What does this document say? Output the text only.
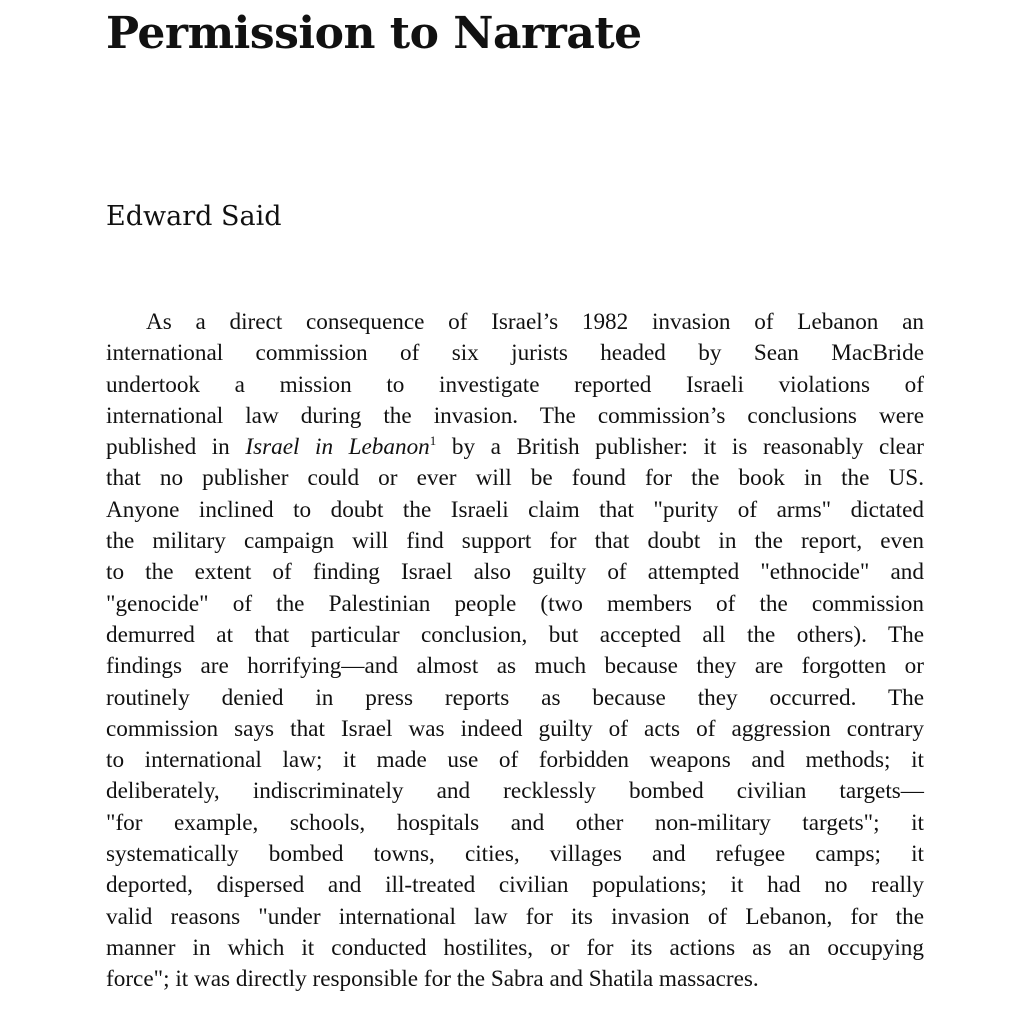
Permission to Narrate
Edward Said
As a direct consequence of Israel’s 1982 invasion of Lebanon an
international commission of six jurists headed by Sean MacBride
undertook a mission to investigate reported Israeli violations of
international law during the invasion. The commission’s conclusions were
published in Israel in Lebanon$^1$ by a British publisher: it is reasonably clear
that no publisher could or ever will be found for the book in the US.
Anyone inclined to doubt the Israeli claim that "purity of arms" dictated
the military campaign will find support for that doubt in the report, even
to the extent of finding Israel also guilty of attempted "ethnocide" and
"genocide" of the Palestinian people (two members of the commission
demurred at that particular conclusion, but accepted all the others). The
findings are horrifying—and almost as much because they are forgotten or
routinely denied in press reports as because they occurred. The
commission says that Israel was indeed guilty of acts of aggression contrary
to international law; it made use of forbidden weapons and methods; it
deliberately, indiscriminately and recklessly bombed civilian targets—
"for example, schools, hospitals and other non-military targets"; it
systematically bombed towns, cities, villages and refugee camps; it
deported, dispersed and ill-treated civilian populations; it had no really
valid reasons "under international law for its invasion of Lebanon, for the
manner in which it conducted hostilites, or for its actions as an occupying
force"; it was directly responsible for the Sabra and Shatila massacres.
